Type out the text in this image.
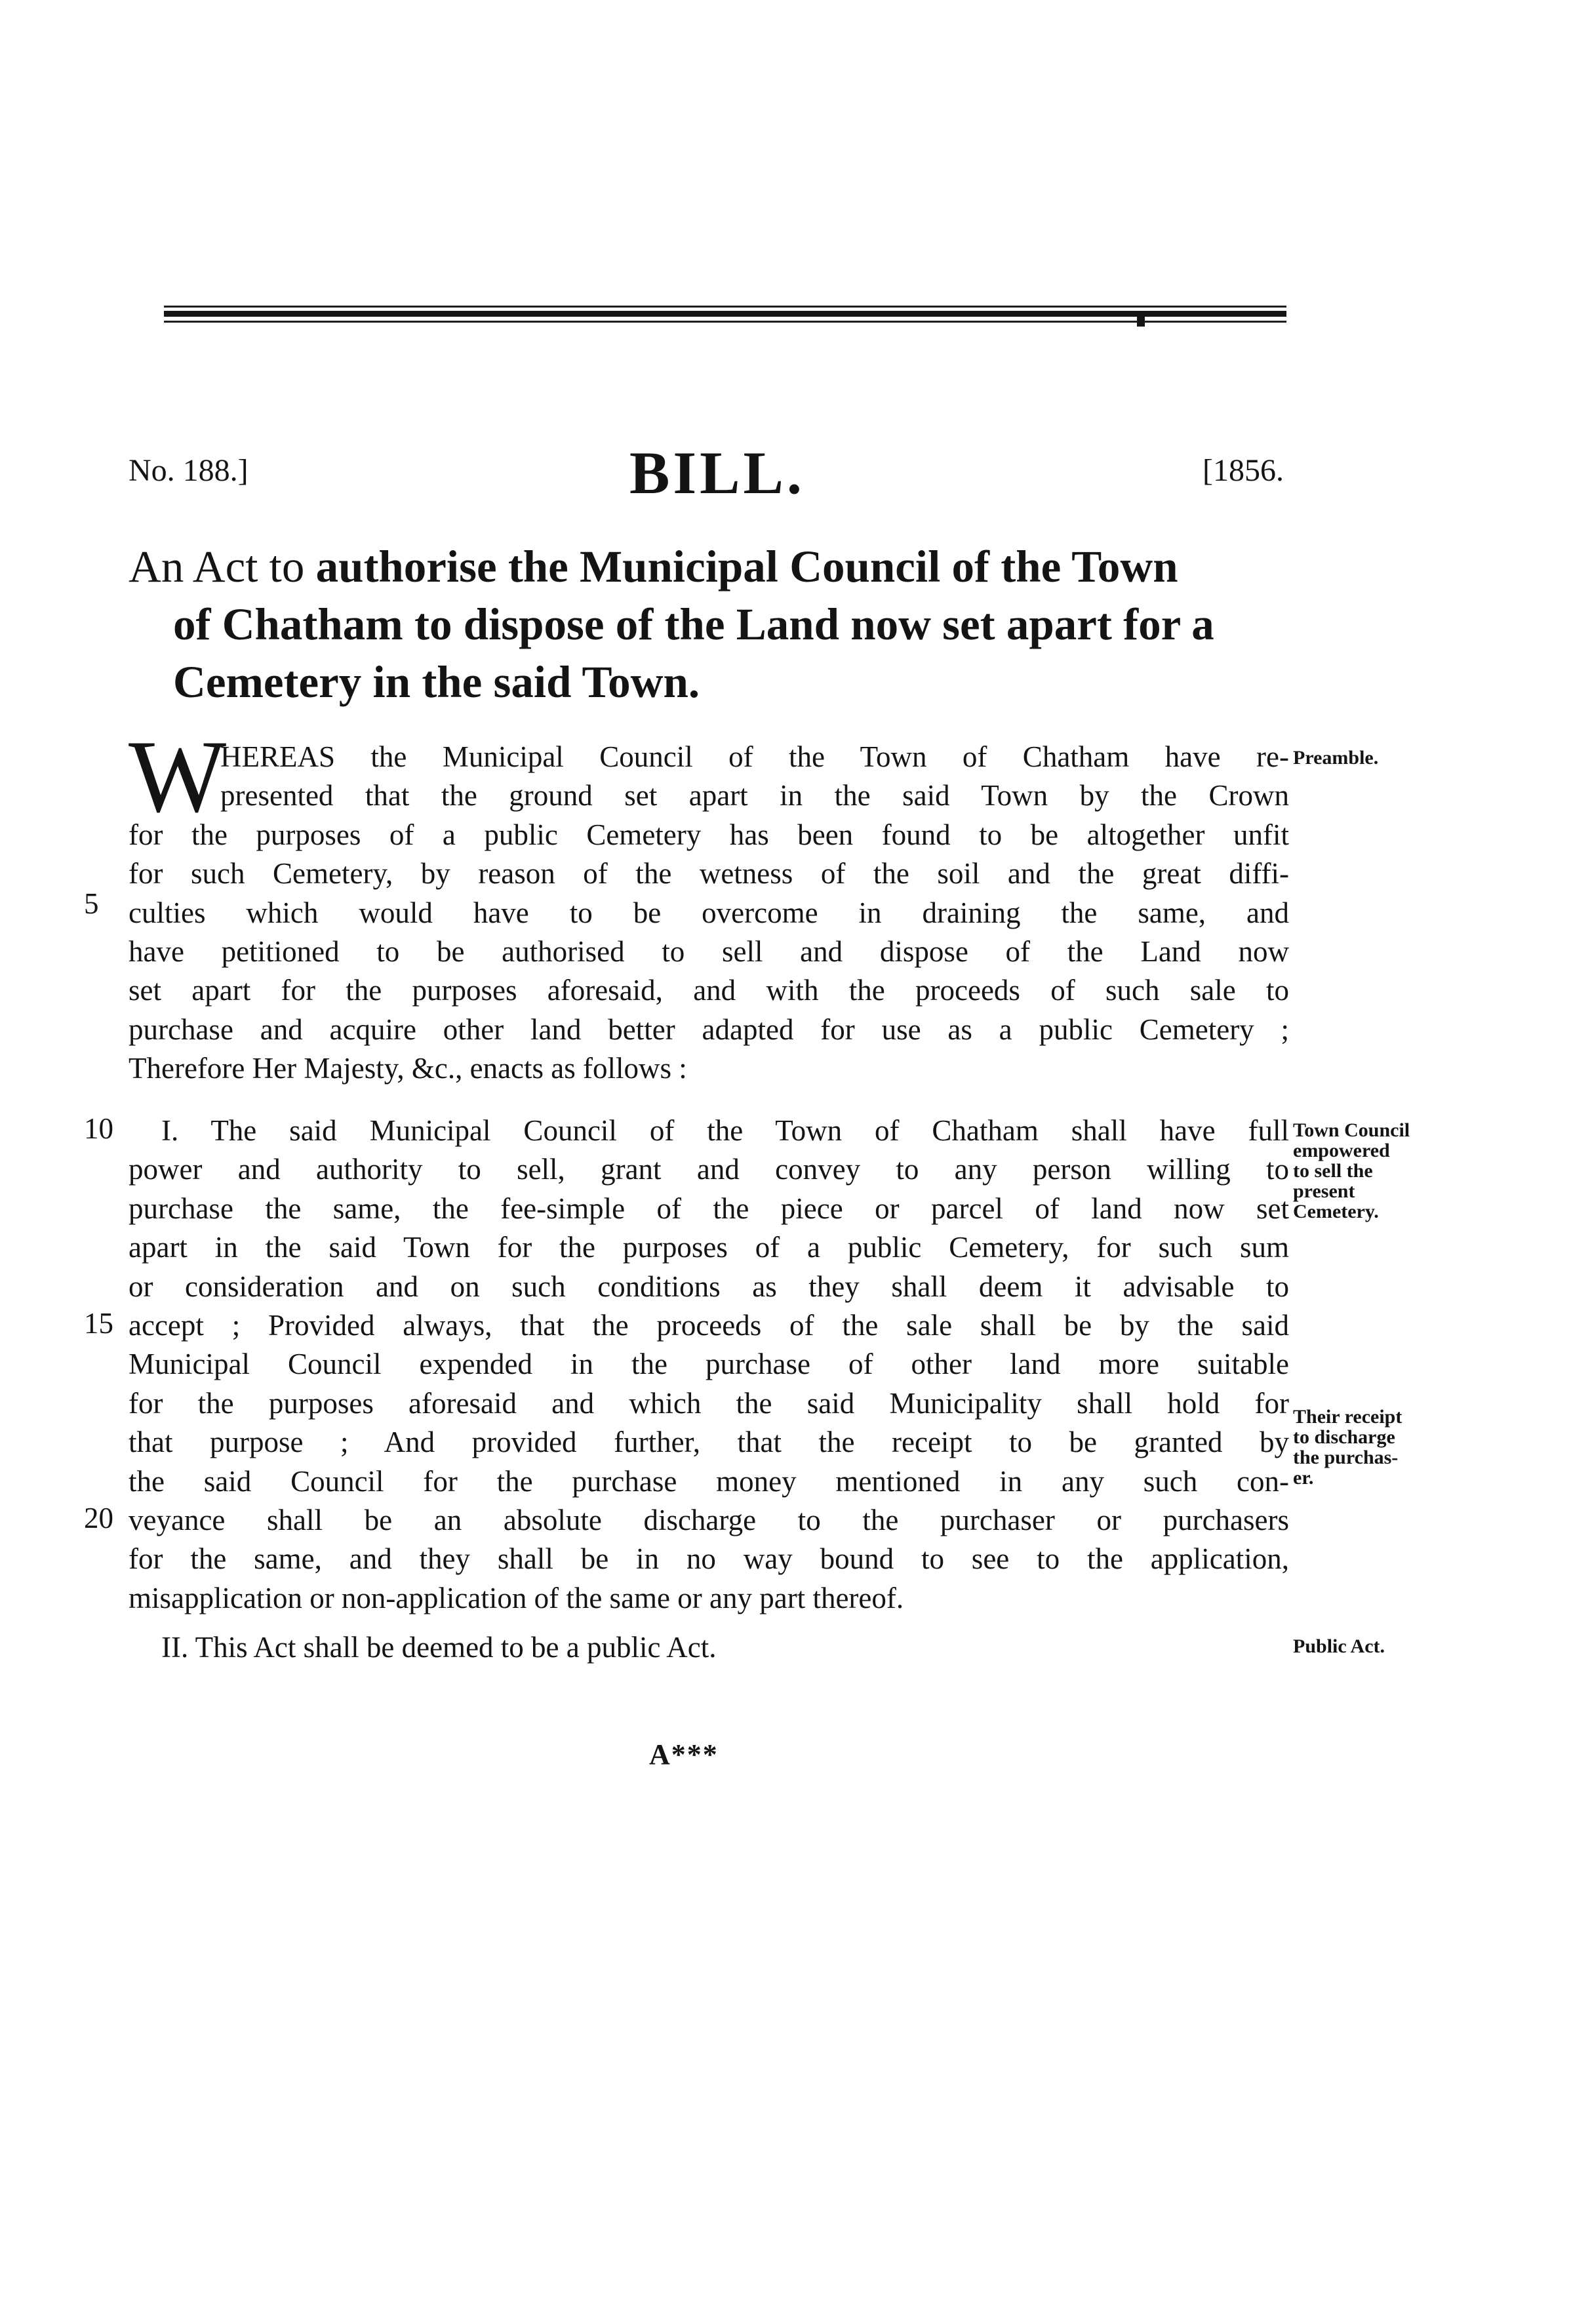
No. 188.]	BILL.	[1856.
An Act to authorise the Municipal Council of the Town
of Chatham to dispose of the Land now set apart for a
Cemetery in the said Town.
W
HEREAS the Municipal Council of the Town of Chatham have re-
presented that the ground set apart in the said Town by the Crown
for the purposes of a public Cemetery has been found to be altogether unfit
for such Cemetery, by reason of the wetness of the soil and the great diffi-
culties which would have to be overcome in draining the same, and
have petitioned to be authorised to sell and dispose of the Land now
set apart for the purposes aforesaid, and with the proceeds of such sale to
purchase and acquire other land better adapted for use as a public Cemetery ;
Therefore Her Majesty, &c., enacts as follows :
I. The said Municipal Council of the Town of Chatham shall have full
power and authority to sell, grant and convey to any person willing to
purchase the same, the fee-simple of the piece or parcel of land now set
apart in the said Town for the purposes of a public Cemetery, for such sum
or consideration and on such conditions as they shall deem it advisable to
accept ; Provided always, that the proceeds of the sale shall be by the said
Municipal Council expended in the purchase of other land more suitable
for the purposes aforesaid and which the said Municipality shall hold for
that purpose ; And provided further, that the receipt to be granted by
the said Council for the purchase money mentioned in any such con-
veyance shall be an absolute discharge to the purchaser or purchasers
for the same, and they shall be in no way bound to see to the application,
misapplication or non-application of the same or any part thereof.
II. This Act shall be deemed to be a public Act.
5
10
15
20
Preamble.
Town Council
empowered
to sell the
present
Cemetery.
Their receipt
to discharge
the purchas-
er.
Public Act.
A***
